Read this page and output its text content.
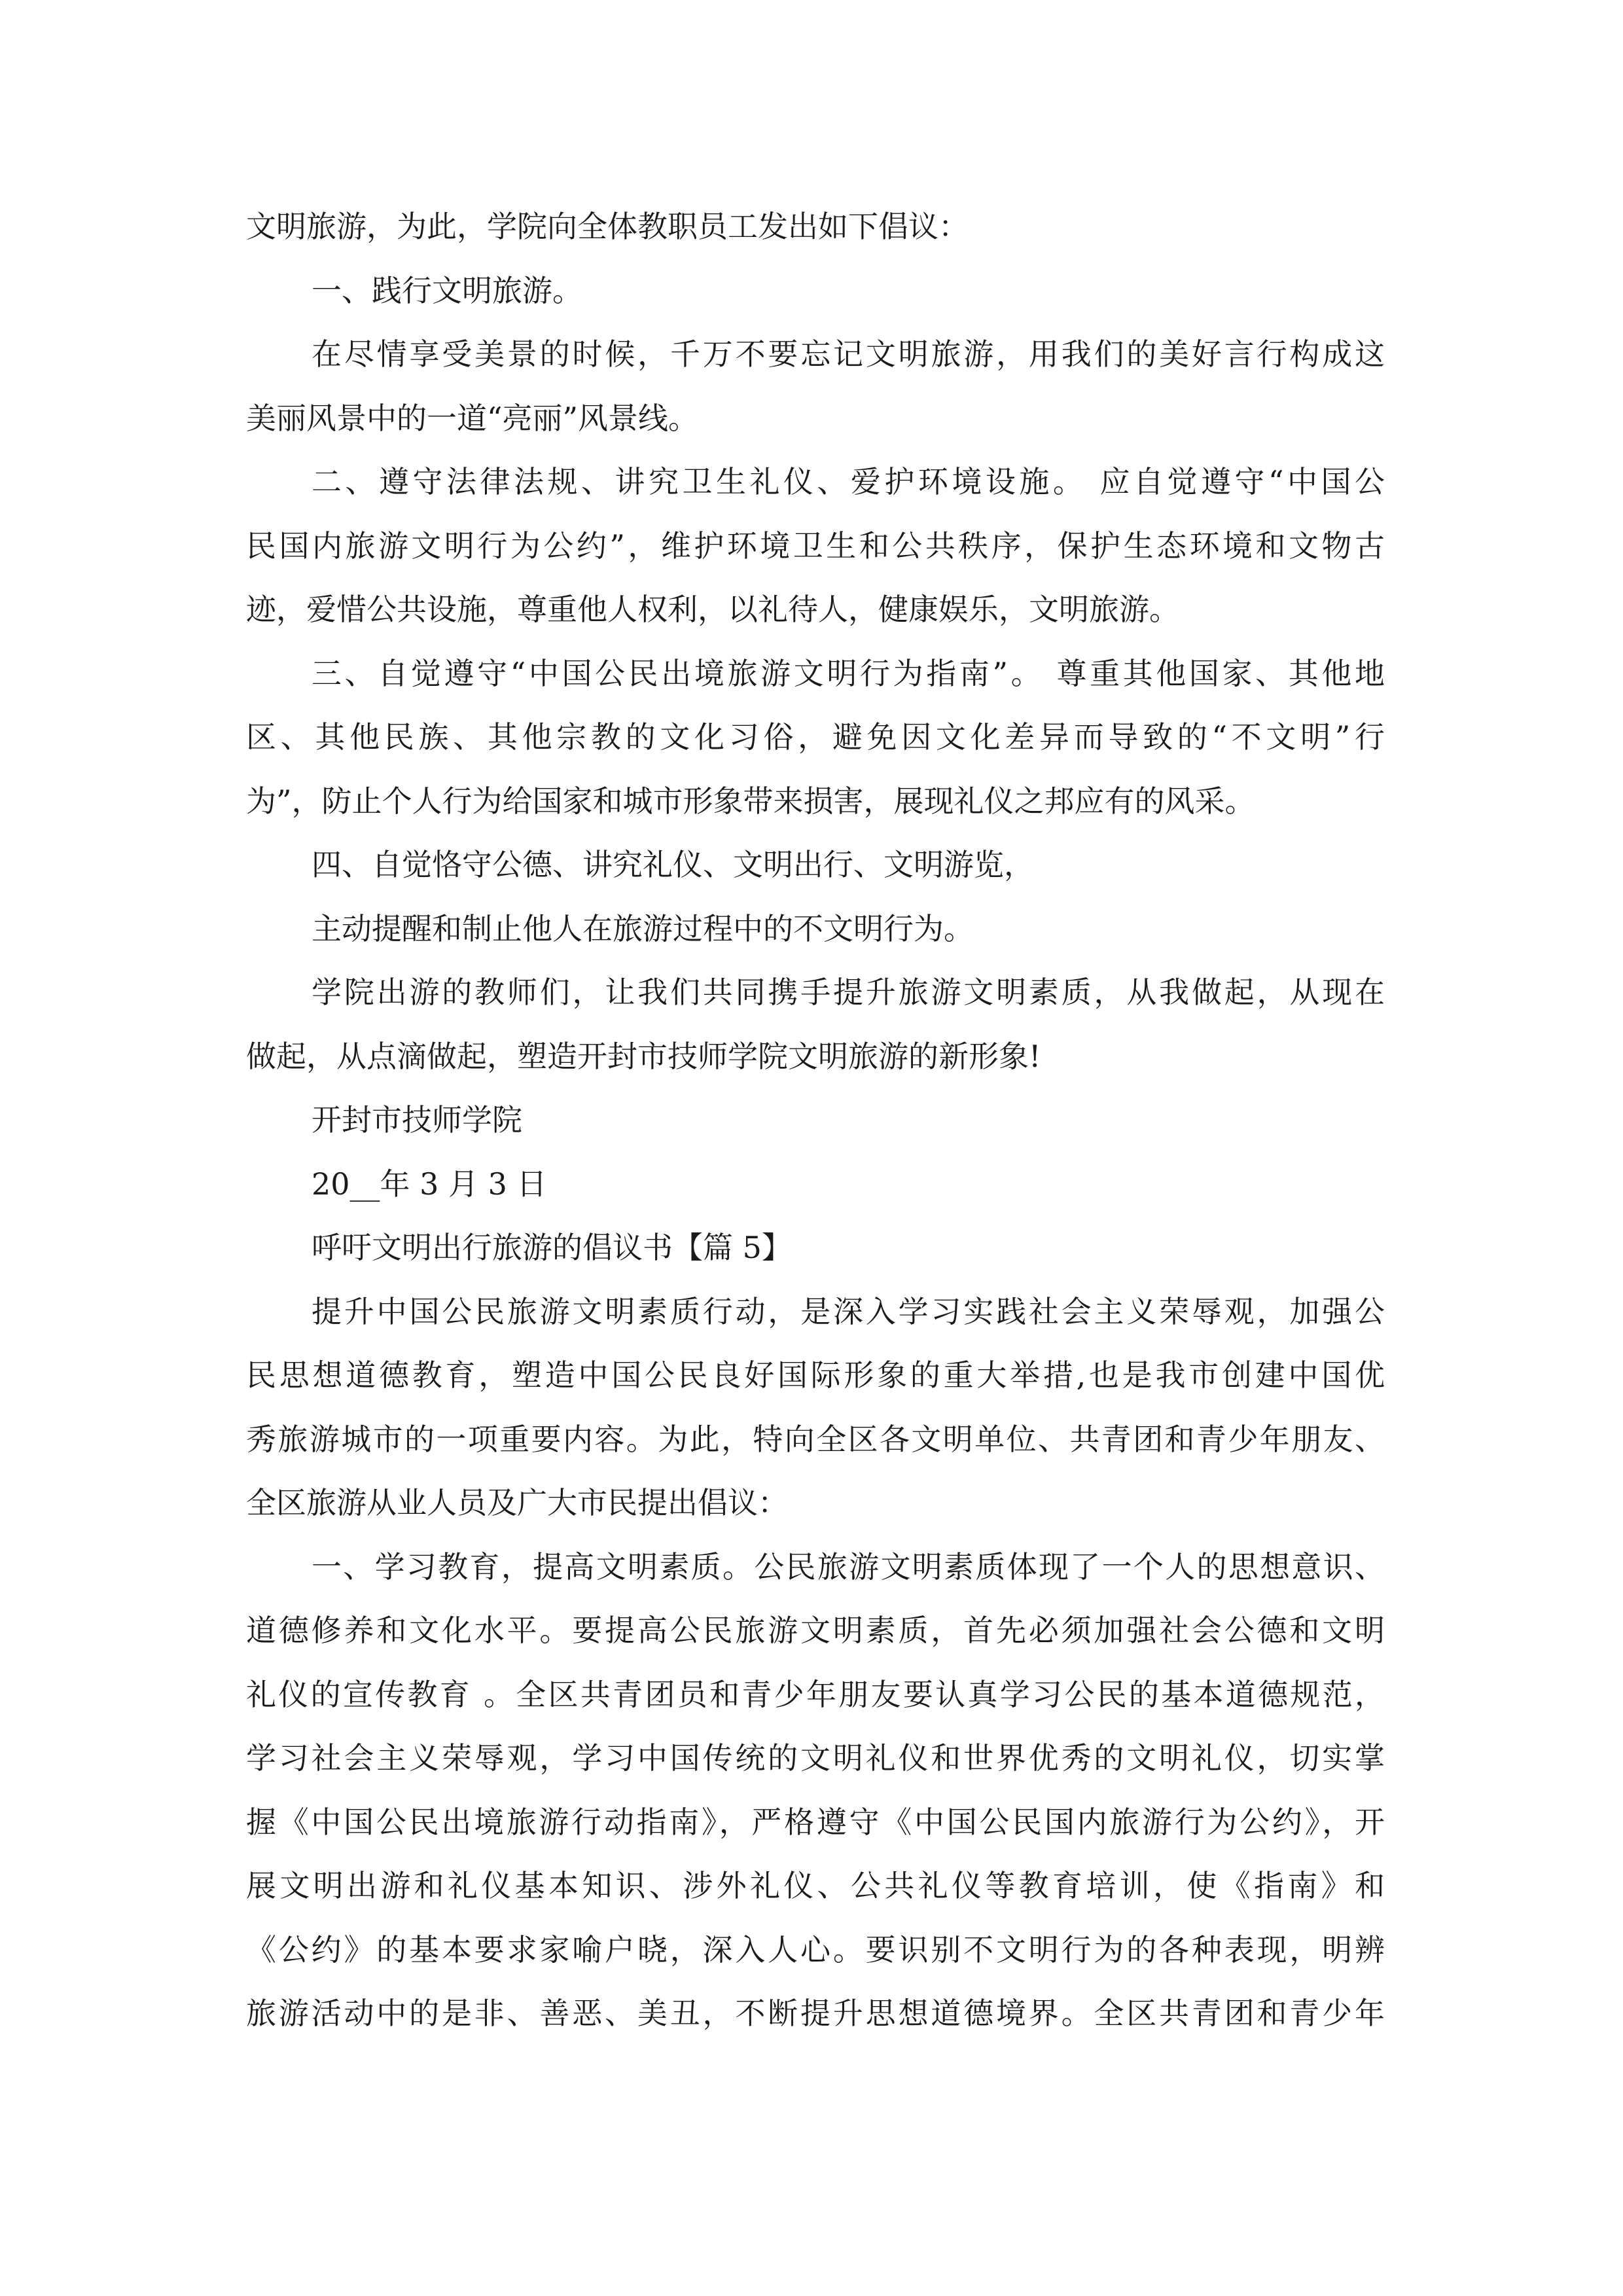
文明旅游，为此，学院向全体教职员工发出如下倡议：
一、践行文明旅游。
在尽情享受美景的时候，千万不要忘记文明旅游，用我们的美好言行构成这
美丽风景中的一道“亮丽”风景线。
二、遵守法律法规、讲究卫生礼仪、爱护环境设施。 应自觉遵守“中国公
民国内旅游文明行为公约”，维护环境卫生和公共秩序，保护生态环境和文物古
迹，爱惜公共设施，尊重他人权利，以礼待人，健康娱乐，文明旅游。
三、自觉遵守“中国公民出境旅游文明行为指南”。 尊重其他国家、其他地
区、其他民族、其他宗教的文化习俗，避免因文化差异而导致的“不文明”行
为”，防止个人行为给国家和城市形象带来损害，展现礼仪之邦应有的风采。
四、自觉恪守公德、讲究礼仪、文明出行、文明游览，
主动提醒和制止他人在旅游过程中的不文明行为。
学院出游的教师们，让我们共同携手提升旅游文明素质，从我做起，从现在
做起，从点滴做起，塑造开封市技师学院文明旅游的新形象!
开封市技师学院
20__年 3 月 3 日
呼吁文明出行旅游的倡议书【篇 5】
提升中国公民旅游文明素质行动，是深入学习实践社会主义荣辱观，加强公
民思想道德教育，塑造中国公民良好国际形象的重大举措,也是我市创建中国优
秀旅游城市的一项重要内容。为此，特向全区各文明单位、共青团和青少年朋友、
全区旅游从业人员及广大市民提出倡议：
一、学习教育，提高文明素质。公民旅游文明素质体现了一个人的思想意识、
道德修养和文化水平。要提高公民旅游文明素质，首先必须加强社会公德和文明
礼仪的宣传教育 。全区共青团员和青少年朋友要认真学习公民的基本道德规范，
学习社会主义荣辱观，学习中国传统的文明礼仪和世界优秀的文明礼仪，切实掌
握《中国公民出境旅游行动指南》，严格遵守《中国公民国内旅游行为公约》，开
展文明出游和礼仪基本知识、涉外礼仪、公共礼仪等教育培训，使《指南》和
《公约》的基本要求家喻户晓，深入人心。要识别不文明行为的各种表现，明辨
旅游活动中的是非、善恶、美丑，不断提升思想道德境界。全区共青团和青少年
